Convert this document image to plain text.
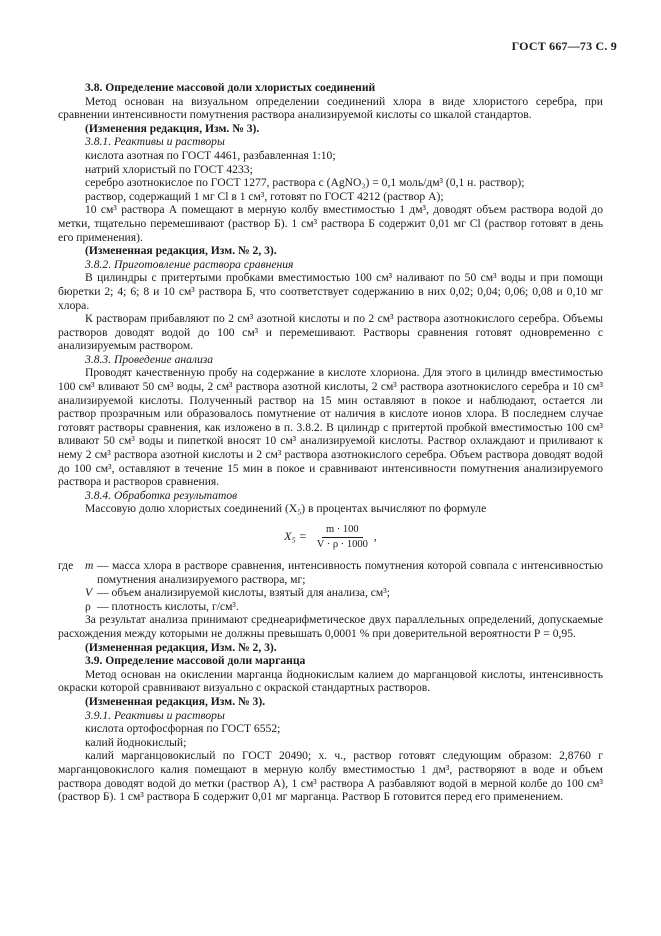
ГОСТ 667—73 С. 9

3.8. Определение массовой доли хлористых соединений

Метод основан на визуальном определении соединений хлора в виде хлористого серебра, при сравнении интенсивности помутнения раствора анализируемой кислоты со шкалой стандартов.

(Изменения редакция, Изм. № 3).

3.8.1. Реактивы и растворы

кислота азотная по ГОСТ 4461, разбавленная 1:10;

натрий хлористый по ГОСТ 4233;

серебро азотнокислое по ГОСТ 1277, раствора с (AgNO₃) = 0,1 моль/дм³ (0,1 н. раствор);

раствор, содержащий 1 мг Cl в 1 см³, готовят по ГОСТ 4212 (раствор А);

10 см³ раствора А помещают в мерную колбу вместимостью 1 дм³, доводят объем раствора водой до метки, тщательно перемешивают (раствор Б). 1 см³ раствора Б содержит 0,01 мг Cl (раствор готовят в день его применения).

(Измененная редакция, Изм. № 2, 3).

3.8.2. Приготовление раствора сравнения

В цилиндры с притертыми пробками вместимостью 100 см³ наливают по 50 см³ воды и при помощи бюретки 2; 4; 6; 8 и 10 см³ раствора Б, что соответствует содержанию в них 0,02; 0,04; 0,06; 0,08 и 0,10 мг хлора.

К растворам прибавляют по 2 см³ азотной кислоты и по 2 см³ раствора азотнокислого серебра. Объемы растворов доводят водой до 100 см³ и перемешивают. Растворы сравнения готовят одновременно с анализируемым раствором.

3.8.3. Проведение анализа

Проводят качественную пробу на содержание в кислоте хлориона. Для этого в цилиндр вместимостью 100 см³ вливают 50 см³ воды, 2 см³ раствора азотной кислоты, 2 см³ раствора азотнокислого серебра и 10 см³ анализируемой кислоты. Полученный раствор на 15 мин оставляют в покое и наблюдают, остается ли раствор прозрачным или образовалось помутнение от наличия в кислоте ионов хлора. В последнем случае готовят растворы сравнения, как изложено в п. 3.8.2. В цилиндр с притертой пробкой вместимостью 100 см³ вливают 50 см³ воды и пипеткой вносят 10 см³ анализируемой кислоты. Раствор охлаждают и приливают к нему 2 см³ раствора азотной кислоты и 2 см³ раствора азотнокислого серебра. Объем раствора доводят водой до 100 см³, оставляют в течение 15 мин в покое и сравнивают интенсивности помутнения анализируемого раствора и растворов сравнения.

3.8.4. Обработка результатов

Массовую долю хлористых соединений (X₅) в процентах вычисляют по формуле

$X_5 = \frac{m \cdot 100}{V \cdot \rho \cdot 1000}$ ,
где	m — масса хлора в растворе сравнения, интенсивность помутнения которой совпала с интенсивностью помутнения анализируемого раствора, мг;
V — объем анализируемой кислоты, взятый для анализа, см³;
ρ — плотность кислоты, г/см³.

За результат анализа принимают среднеарифметическое двух параллельных определений, допускаемые расхождения между которыми не должны превышать 0,0001 % при доверительной вероятности Р = 0,95.

(Измененная редакция, Изм. № 2, 3).

3.9. Определение массовой доли марганца

Метод основан на окислении марганца йоднокислым калием до марганцовой кислоты, интенсивность окраски которой сравнивают визуально с окраской стандартных растворов.

(Измененная редакция, Изм. № 3).

3.9.1. Реактивы и растворы

кислота ортофосфорная по ГОСТ 6552;

калий йоднокислый;

калий марганцовокислый по ГОСТ 20490; х. ч., раствор готовят следующим образом: 2,8760 г марганцовокислого калия помещают в мерную колбу вместимостью 1 дм³, растворяют в воде и объем раствора доводят водой до метки (раствор А), 1 см³ раствора А разбавляют водой в мерной колбе до 100 см³ (раствор Б). 1 см³ раствора Б содержит 0,01 мг марганца. Раствор Б готовится перед его применением.
